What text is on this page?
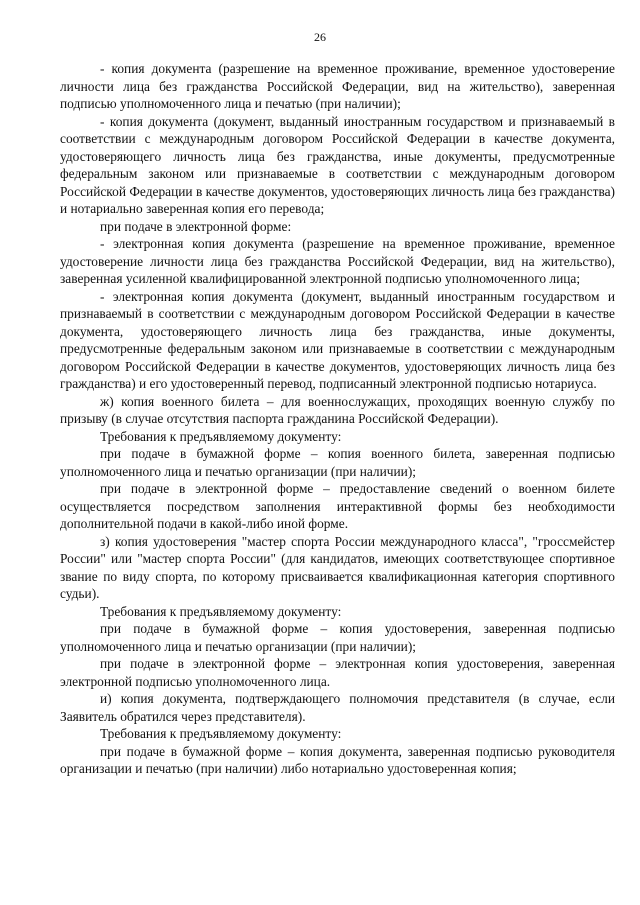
26

- копия документа (разрешение на временное проживание, временное удостоверение личности лица без гражданства Российской Федерации, вид на жительство), заверенная подписью уполномоченного лица и печатью (при наличии);

- копия документа (документ, выданный иностранным государством и признаваемый в соответствии с международным договором Российской Федерации в качестве документа, удостоверяющего личность лица без гражданства, иные документы, предусмотренные федеральным законом или признаваемые в соответствии с международным договором Российской Федерации в качестве документов, удостоверяющих личность лица без гражданства) и нотариально заверенная копия его перевода;

при подаче в электронной форме:

- электронная копия документа (разрешение на временное проживание, временное удостоверение личности лица без гражданства Российской Федерации, вид на жительство), заверенная усиленной квалифицированной электронной подписью уполномоченного лица;

- электронная копия документа (документ, выданный иностранным государством и признаваемый в соответствии с международным договором Российской Федерации в качестве документа, удостоверяющего личность лица без гражданства, иные документы, предусмотренные федеральным законом или признаваемые в соответствии с международным договором Российской Федерации в качестве документов, удостоверяющих личность лица без гражданства) и его удостоверенный перевод, подписанный электронной подписью нотариуса.

ж) копия военного билета – для военнослужащих, проходящих военную службу по призыву (в случае отсутствия паспорта гражданина Российской Федерации).

Требования к предъявляемому документу:

при подаче в бумажной форме – копия военного билета, заверенная подписью уполномоченного лица и печатью организации (при наличии);

при подаче в электронной форме – предоставление сведений о военном билете осуществляется посредством заполнения интерактивной формы без необходимости дополнительной подачи в какой-либо иной форме.

з) копия удостоверения "мастер спорта России международного класса", "гроссмейстер России" или "мастер спорта России" (для кандидатов, имеющих соответствующее спортивное звание по виду спорта, по которому присваивается квалификационная категория спортивного судьи).

Требования к предъявляемому документу:

при подаче в бумажной форме – копия удостоверения, заверенная подписью уполномоченного лица и печатью организации (при наличии);

при подаче в электронной форме – электронная копия удостоверения, заверенная электронной подписью уполномоченного лица.

и) копия документа, подтверждающего полномочия представителя (в случае, если Заявитель обратился через представителя).

Требования к предъявляемому документу:

при подаче в бумажной форме – копия документа, заверенная подписью руководителя организации и печатью (при наличии) либо нотариально удостоверенная копия;
